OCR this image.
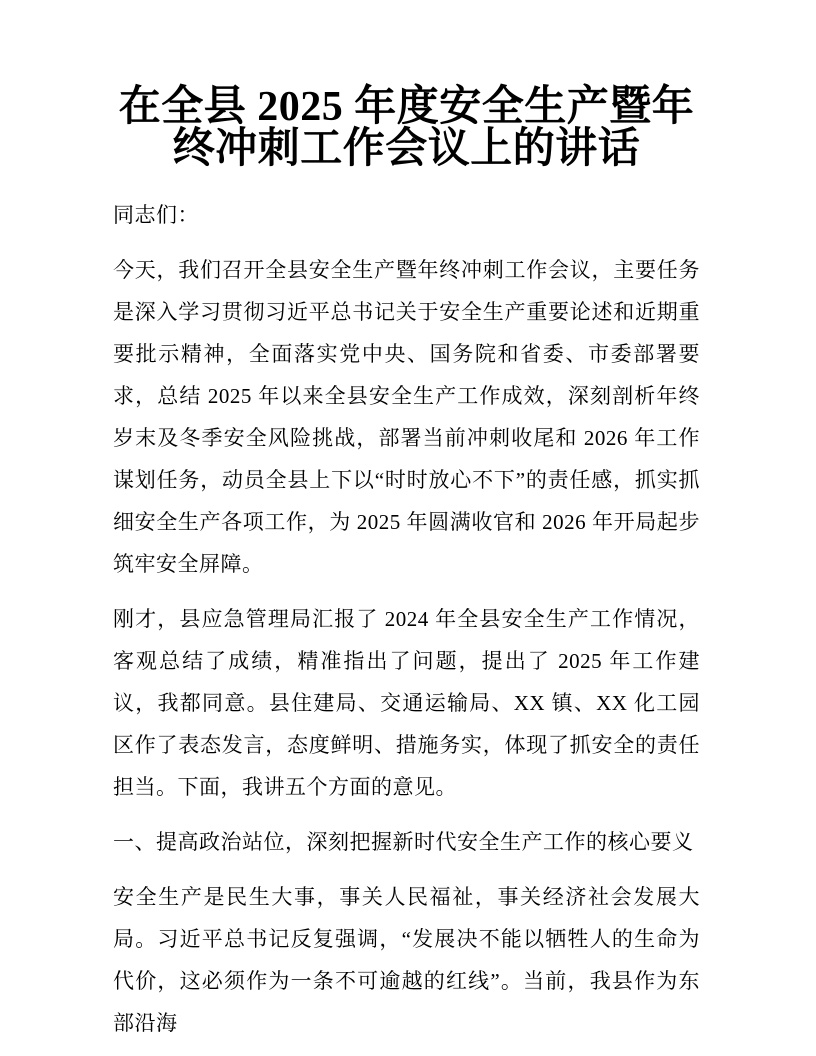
在全县 2025 年度安全生产暨年终冲刺工作会议上的讲话

同志们：

今天，我们召开全县安全生产暨年终冲刺工作会议，主要任务是深入学习贯彻习近平总书记关于安全生产重要论述和近期重要批示精神，全面落实党中央、国务院和省委、市委部署要求，总结 2025 年以来全县安全生产工作成效，深刻剖析年终岁末及冬季安全风险挑战，部署当前冲刺收尾和 2026 年工作谋划任务，动员全县上下以“时时放心不下”的责任感，抓实抓细安全生产各项工作，为 2025 年圆满收官和 2026 年开局起步筑牢安全屏障。

刚才，县应急管理局汇报了 2024 年全县安全生产工作情况，客观总结了成绩，精准指出了问题，提出了 2025 年工作建议，我都同意。县住建局、交通运输局、XX 镇、XX 化工园区作了表态发言，态度鲜明、措施务实，体现了抓安全的责任担当。下面，我讲五个方面的意见。

一、提高政治站位，深刻把握新时代安全生产工作的核心要义

安全生产是民生大事，事关人民福祉，事关经济社会发展大局。习近平总书记反复强调，“发展决不能以牺牲人的生命为代价，这必须作为一条不可逾越的红线”。当前，我县作为东部沿海
